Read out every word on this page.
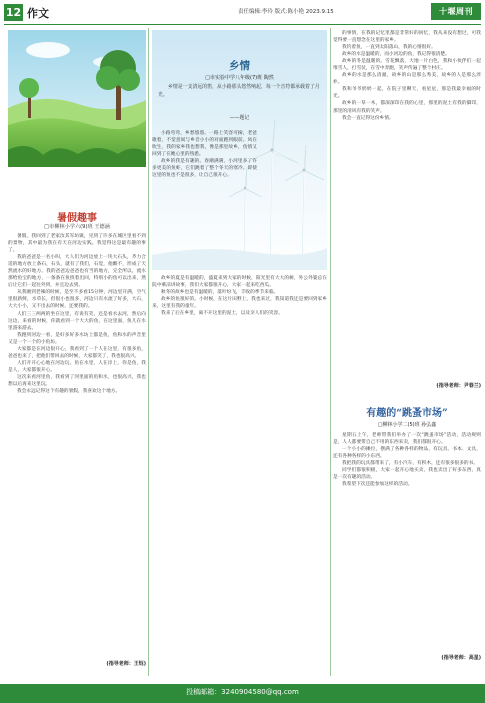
12 作文	责任编辑:李玲 版式:陈小艳 2023.9.15	十堰周刊
暑假趣事
□市柳林小学六(9)班 王德涵

暑假，我回到了老家汝其军坊镇，见到了许多在城区里看不到的景物，其中最为我在有天在河边实践。我觉得这是最有趣的事了。

我的爸爸是一名小叫，大人们为河边放上一块大石头，齐力合适的地方放上条石，石头，就有了我们，石觉，他酣不，形成了天然流水的好地方。我的爸爸边爸爸也有当的地方，完全所以，流水那给鱼宝的地方，一条条在鱼找着出回，特别小的鱼可以出来，然后让它们一起往外到，并且边去到。

从我刚到老辣的时候，是至不多看15分钟，河边里开满，空气里很新鲜，水草长，但很小也很多，河边只有水流了好多，大石，大大小小，又不出去的时候，还要我的。

人们三三两两的坐在这里，有说有笑，还是看水去河，然后向这边，来看的时候，你就看到一个大大的鱼，在这里面，鱼儿在水里游来游去。

我跑到河边一看，是好多好多水坊上都是鱼，鱼和水的声音里又是一个一个的小鱼坊。

大家都是在河边很开心，我看到了一个人在这里，有很多鱼，爸爸也来了，把他们带回去的时候，大家都笑了，我也很高兴。

人们开开心心地在河边玩，鱼在水里，人在岸上，你是鱼，我是人，大家都很开心。

这次来看河里鱼，我看到了河里面的鱼和水，也很高兴，我也想以后再来这里玩。

我会永远记得这个有趣的暑假，我喜欢这个地方。

(指导老师：王钰)
乡情
□市实验中学八年级(7)班 陶然
乡情是一支清远的笛，从小路那头悠然响起，每一个音符都承载着了月光。
——题记

小路弯弯，乡愁悠悠。一路上笑容可掬，老爸歌着，不觉意间与乡音小小的对面跑到眼前。风在吹生，我的家乡我也想我，像是那里故乡，鱼情又回到了在她心里的熟悉。

故乡的我是有趣的。春潮满满，小河里多了许多更美的鱼虾，它们跳着了整个冬天的寒冷。即使这里的鱼也不是很多，让自己很开心。

故乡的夏是有温暖的，盛夏来到大家的时候，阳光里有大大的树，外公外婆总在院中乘凉讲故事，我们大家都很开心，大家一起来吃西瓜。

秋冬的故乡也是有温暖的，落叶纷飞，丰收的季节来临。

故乡的鱼很好的。小时候，在这片田野上，我也来过，我知道我还是要回到家乡来，这里有我的童年。

我来了后在乡里，离不开这里的泥土，以及亲人们的笑容。

的事情，在我的记忆里都是非常好的回忆，我从来没有想过，可我觉得要一直想念在这里的家乡。

我钓着鱼，一直到太阳落山，我的心情很好。

故乡的水是温暖的，而小河边的鱼，我记得很清楚。

故乡的冬是温暖的。雪花飘落，大地一片白色，我和小伙伴们一起堆雪人，打雪仗，在雪中奔跑，笑声传遍了整个村庄。

故乡的水是那么清澈，故乡的山是那么秀美，故乡的人是那么淳朴。

我和爷爷奶奶一起，在院子里聊天，看星星，那是我最幸福的时光。

故乡的一草一木，都深深印在我的心里，那里的泥土有我的脚印，那里的清风有我的笑声。

我会一直记得这份乡情。

(指导老师：尹春兰)
有趣的“跳蚤市场”
□柳林小学二(5)班 孙弘鑫

星期五上午，老师带我们举办了一次“跳蚤市场”活动，活动规则是，人人都要带自己不用的东西来卖，我们都很开心。

一个小小的摊位，摆满了各种各样的物品，有玩具、书本、文具，还有各种各样的小东西。

我把我的玩具都带来了，有小汽车，有积木，还有很多很多的书。

同学们都很积极，大家一起开心地买卖，我也卖出了好多东西，真是一次有趣的活动。

我希望下次还能参加这样的活动。

(指导老师：高星)
投稿邮箱：3240904580@qq.com
